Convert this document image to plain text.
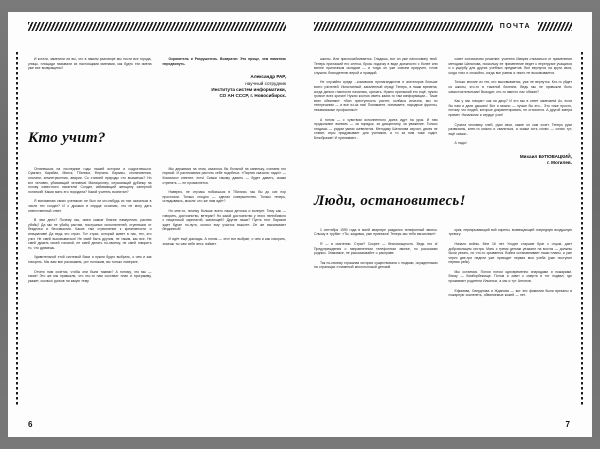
И кстати, заметили ли вы, что в нашем разговоре мы почти все города, улицы, площади называли их настоящими именами, как будто эти имена уже все возвращены?

Охранитель и Разрушитель. Возвратит. Это проще, чем памятник передвинуть.

Александр РАР,
научный сотрудник
Института систем информатики,
СО АН СССР, г. Новосибирск.
Кто учит?

Оглянешься на последние годы нашей истории и содрогнешься: Сумгаит, Карабах, Минск, Тбилиси, Фергана. Взрывы, столкновения, оползни, землетрясения, аварии. Со стихией природы что возьмешь? Но вот человек, убивающий человека! Милиционер, опускающий дубинку на голову известного писателя! Солдат, избивающий женщину саперной лопаткой! Какая мать его породила? Какой учитель воспитал?

Я вспоминаю своих учеников: не был ли кто-нибудь из них оказаться в числе тех солдат? И с дрожью в сердце осознаю, что не могу дать ответственный ответ.

В чем дело? Почему мы, имея самые благие намерения, растим убийц? Да мы не убийц растим, послушных исполнителей, отупевших от безделья и бессмыслия. Какое там стремление к креативности и инициативе! Да ведь это страх. Тот страх, который живет в нас, тех, кто учит. Не смей высовываться! Не смей быть другим, не таким, как все. Не смей думать своей головой, не смей делать по-своему, не смей говорить то, что думаешь.

Удивительной этой системой Васи и нужна будто выбрать, о чем и как говорить. Мы вам все расскажем, рот положим, вы только поверьте.

Отчего нам хочется, чтобы они были такими? А потому, что мы — такие! Это же мы привыкли, что кто-то нам составит план и программу, укажет, сколько уроков на какую тему.

Мы держимся на этом, казалось бы больной на капельку, считаем это нормой. И растекаемся растить себе подобных. «Партия сказала: надо!» — Комсомол ответил: есть! Скажи такому давить — будет давить, скажи стрелять — не промахнется.

Наверно, не отучась побоишься в Тбилиси, мы бы до сих пор простояли. Только стыдно — сделал совершенство. Только теперь, оглядываясь, мысли: кто же нам идёт?

Но мне-то, почему больше всего наша деточка и волнует. Тому как — говорить, достоинство, ветеран? Но какой достоинство у этого нелюбимого с нищенской зарплатой, шагающей? Другие наши? Пусть этот Паразов ждет буран по-пути, колхоз ему участок вышлет. Он же выкапывает бездонный!

И идёт ещё доклады. А потом — этот вот выбран, о чем и как говорить, знаешь ты сам себе весь поймет.

6
ПОЧТА

школы. Или приспосабливается. Глядишь, вот он уже наполовину твой. Теперь прилаский его слегка, брось подачку в виде должности с более или менее приличным окладом — и тогда он уже совсем приручен, готов служить благодетелю верой и правдой.

Не случайно среди ...комовских пропагандистов и агитаторов больше всего учителей. Испытанный, закаленный отряд! Теперь, в наши времена, когда деньги гласности начались, кричать. Нужно прилаский его ещё, нужно громче всех кричат! Нужно костью иметь каких-то там кинформации... Тише всех обвиняют: «Вон преступность растет, колбаса исчезла, мы по теперешним — и все из-за них! Понимаете, понимаете, народные фронты, независимые профсоюзы!»

А потом — с чувством исполненного долга идут на урок. И там продолжают воевать — за порядок, за дисциплину, за уважение. Только глядишь — рядом умник шевелится. Методику Шаталова изучил, двоек не ставит, игры придумывает для учеников, а то за ним тоже ходит. Безобразие! И принимают…

совет соломоново решение: учителю Имярек отказаться от применения методики Шаталова, поскольку ее применение ведет к перегрузке учащихся и к ущербу для других учебных предметов. Все вернутся на круги своя, когда тихо и спокойно, когда все равны и никто не высовывается.

Только многие из тех, кто высовывается, уже не вернутся. Кто-то уйдет из школы, кто-то в тяжелой болезни. Ведь мы не привыкли быть самостоятельными! Выходит, кто-то вместо нас обязан?

Как у нас говорят: как на двор? И это мы в ответ замечаем! Ах, если бы нам и дали дышать! Вот и можно — лучше бы это... Это тоже просто, потому что людей, которые документировать, не относятся. А другой завтра примет. Начальник и сердце учит!

Сучила человеку хлеб, руки свои, какие он сам хочет. Теперь руки развязаны, клеп-то можно и свалиться, а скажи хоть слово — слово тут, ещё скажи...

А надо!

Михаил БУПОВАЦКИЙ,
г. Могилев.
Люди, остановитесь!

1 сентября 1990 года в моей квартире раздался телефонный звонок. Слышу в трубке: «Ты, жидовка, уже приехала! Теперь мы тебя вычислим!»

Я — в смятении. Страх? Скорее — беспомощность. Ведь это я! Предупреждения о направленном телефонном звонке, по рассказам родных. Знакомые, не рассказывайте о расправе.

Так по-своему страшная история существовала с людьми, осужденными на страницах отчаянный многоголосый детский

крик, перекрывающий вой сирены, возвещающей очередную воздушную тревогу.

Начало войны. Мне 16 лет. Уходят старшие брат с отцом, дает добровольцем сестра. Мать с тремя детьми уезжают на восток — должны были уехать, но что-то срывается. Война останавливает наши планы, и уже через две-три недели уже приходит первая моя учеба (уже поступил первая рейс).

Мы остаемся. Потом потом одновременно снарядами и пожарами. Внизу — бомбоубежище. Потом и зовет к смерти в тот подвал, где проживают родители Ильиных, а мы и тут Антонов.

Ефимова, Свердлова и Жданова — вот эти фамилии были врезаны в пожарную скалепеть, обвиняемые кожей — нет.

7
